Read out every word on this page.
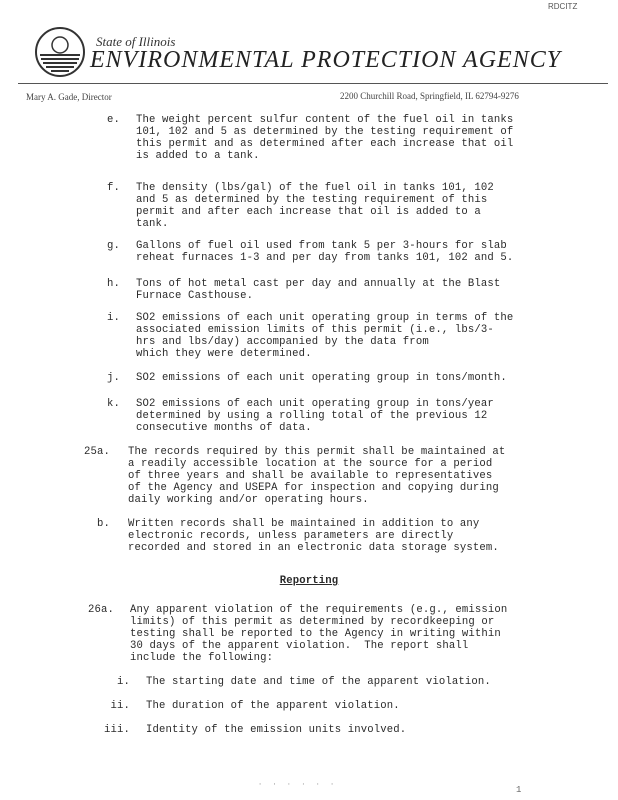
RDCITZ
State of Illinois
ENVIRONMENTAL PROTECTION AGENCY
Mary A. Gade, Director	2200 Churchill Road, Springfield, IL 62794-9276
e. The weight percent sulfur content of the fuel oil in tanks
101, 102 and 5 as determined by the testing requirement of
this permit and as determined after each increase that oil
is added to a tank.
f. The density (lbs/gal) of the fuel oil in tanks 101, 102
and 5 as determined by the testing requirement of this
permit and after each increase that oil is added to a
tank.
g. Gallons of fuel oil used from tank 5 per 3-hours for slab
reheat furnaces 1-3 and per day from tanks 101, 102 and 5.
h. Tons of hot metal cast per day and annually at the Blast
Furnace Casthouse.
i. SO2 emissions of each unit operating group in terms of the
associated emission limits of this permit (i.e., lbs/3-
hrs and lbs/day) accompanied by the data from
which they were determined.
j. SO2 emissions of each unit operating group in tons/month.
k. SO2 emissions of each unit operating group in tons/year
determined by using a rolling total of the previous 12
consecutive months of data.
25a. The records required by this permit shall be maintained at
a readily accessible location at the source for a period
of three years and shall be available to representatives
of the Agency and USEPA for inspection and copying during
daily working and/or operating hours.
b. Written records shall be maintained in addition to any
electronic records, unless parameters are directly
recorded and stored in an electronic data storage system.
Reporting
26a. Any apparent violation of the requirements (e.g., emission
limits) of this permit as determined by recordkeeping or
testing shall be reported to the Agency in writing within
30 days of the apparent violation.  The report shall
include the following:
i. The starting date and time of the apparent violation.
ii. The duration of the apparent violation.
iii. Identity of the emission units involved.
· · · · · ·	1
